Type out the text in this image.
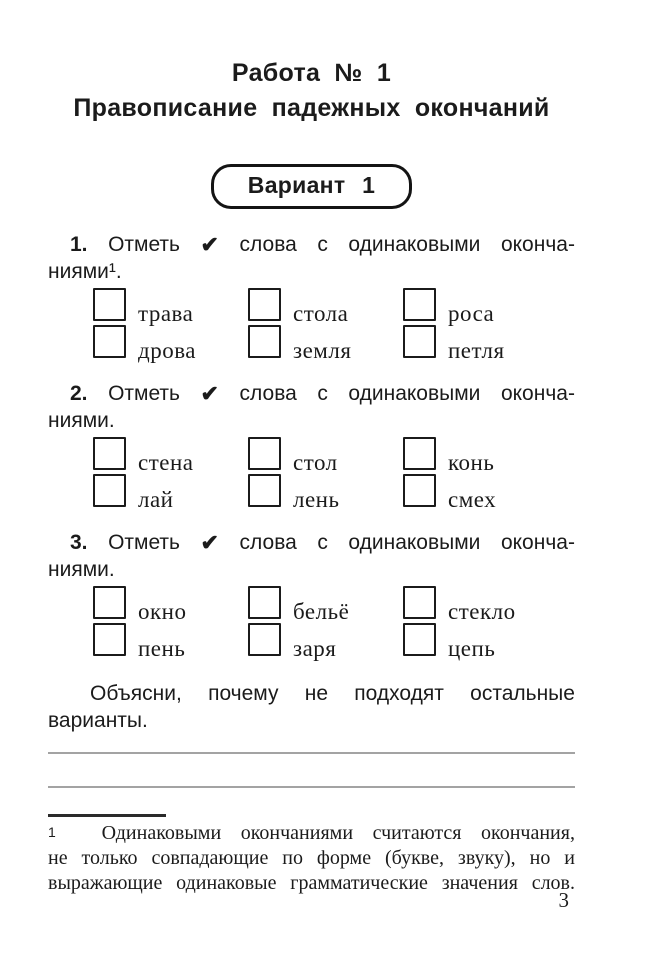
Работа № 1
Правописание падежных окончаний
Вариант 1
1. Отметь ✔ слова с одинаковыми оконча-
ниями¹.
трава	стола	роса
дрова	земля	петля
2. Отметь ✔ слова с одинаковыми оконча-
ниями.
стена	стол	конь
лай	лень	смех
3. Отметь ✔ слова с одинаковыми оконча-
ниями.
окно	бельё	стекло
пень	заря	цепь
Объясни, почему не подходят остальные
варианты.
1	Одинаковыми окончаниями считаются окончания,
не только совпадающие по форме (букве, звуку), но и
выражающие одинаковые грамматические значения слов.
3
